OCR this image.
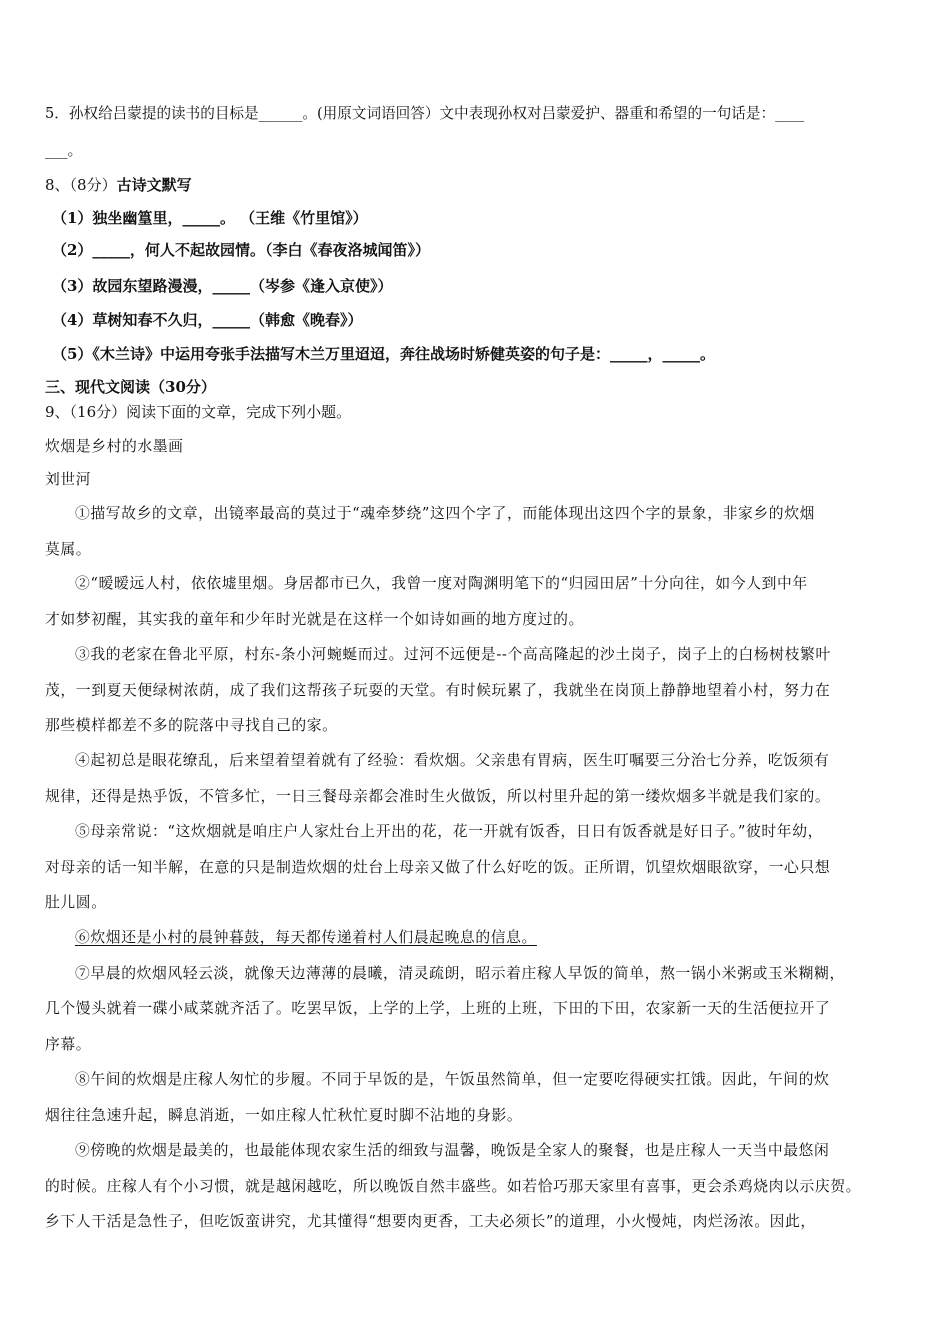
5．孙权给吕蒙提的读书的目标是______。(用原文词语回答）文中表现孙权对吕蒙爱护、器重和希望的一句话是：____
___。
8、（8分）古诗文默写
（1）独坐幽篁里，_____。 （王维《竹里馆》）
（2）_____，何人不起故园情。（李白《春夜洛城闻笛》）
（3）故园东望路漫漫，_____（岑参《逢入京使》）
（4）草树知春不久归，_____（韩愈《晚春》）
（5）《木兰诗》中运用夸张手法描写木兰万里迢迢，奔往战场时矫健英姿的句子是：_____，_____。
三、现代文阅读（30分）
9、（16分）阅读下面的文章，完成下列小题。
炊烟是乡村的水墨画
刘世河
①描写故乡的文章，出镜率最高的莫过于“魂牵梦绕”这四个字了，而能体现出这四个字的景象，非家乡的炊烟
莫属。
②“暧暧远人村，依依墟里烟。身居都市已久，我曾一度对陶渊明笔下的“归园田居”十分向往，如今人到中年
才如梦初醒，其实我的童年和少年时光就是在这样一个如诗如画的地方度过的。
③我的老家在鲁北平原，村东-条小河蜿蜒而过。过河不远便是--个高高隆起的沙土岗子，岗子上的白杨树枝繁叶
茂，一到夏天便绿树浓荫，成了我们这帮孩子玩耍的天堂。有时候玩累了，我就坐在岗顶上静静地望着小村，努力在
那些模样都差不多的院落中寻找自己的家。
④起初总是眼花缭乱，后来望着望着就有了经验：看炊烟。父亲患有胃病，医生叮嘱要三分治七分养，吃饭须有
规律，还得是热乎饭，不管多忙，一日三餐母亲都会准时生火做饭，所以村里升起的第一缕炊烟多半就是我们家的。
⑤母亲常说：“这炊烟就是咱庄户人家灶台上开出的花，花一开就有饭香，日日有饭香就是好日子。”彼时年幼，
对母亲的话一知半解，在意的只是制造炊烟的灶台上母亲又做了什么好吃的饭。正所谓，饥望炊烟眼欲穿，一心只想
肚儿圆。
⑥炊烟还是小村的晨钟暮鼓，每天都传递着村人们晨起晚息的信息。
⑦早晨的炊烟风轻云淡，就像天边薄薄的晨曦，清灵疏朗，昭示着庄稼人早饭的简单，熬一锅小米粥或玉米糊糊，
几个馒头就着一碟小咸菜就齐活了。吃罢早饭，上学的上学，上班的上班，下田的下田，农家新一天的生活便拉开了
序幕。
⑧午间的炊烟是庄稼人匆忙的步履。不同于早饭的是，午饭虽然简单，但一定要吃得硬实扛饿。因此，午间的炊
烟往往急速升起，瞬息消逝，一如庄稼人忙秋忙夏时脚不沾地的身影。
⑨傍晚的炊烟是最美的，也最能体现农家生活的细致与温馨，晚饭是全家人的聚餐，也是庄稼人一天当中最悠闲
的时候。庄稼人有个小习惯，就是越闲越吃，所以晚饭自然丰盛些。如若恰巧那天家里有喜事，更会杀鸡烧肉以示庆贺。
乡下人干活是急性子，但吃饭蛮讲究，尤其懂得“想要肉更香，工夫必须长”的道理，小火慢炖，肉烂汤浓。因此，
